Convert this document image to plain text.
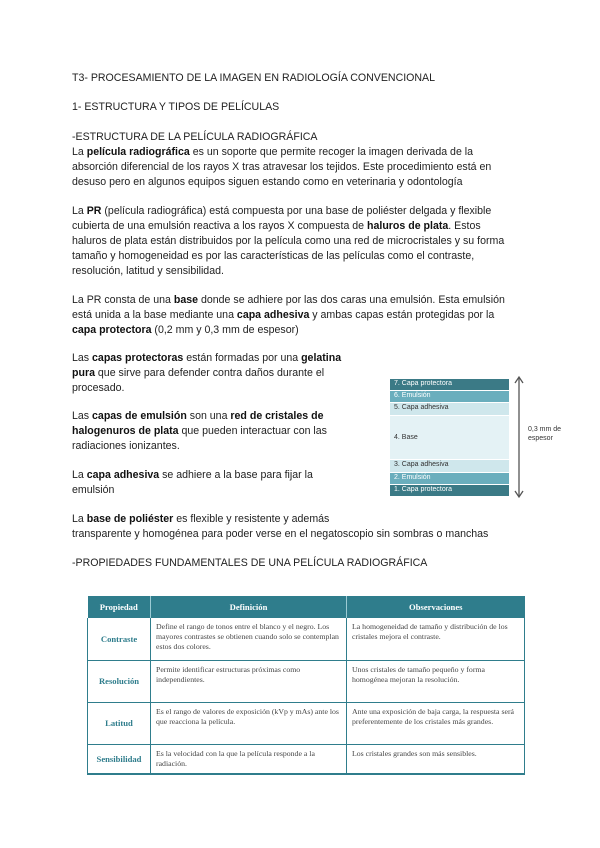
T3- PROCESAMIENTO DE LA IMAGEN EN RADIOLOGÍA CONVENCIONAL
1- ESTRUCTURA Y TIPOS DE PELÍCULAS
-ESTRUCTURA DE LA PELÍCULA RADIOGRÁFICA
La película radiográfica es un soporte que permite recoger la imagen derivada de la
absorción diferencial de los rayos X tras atravesar los tejidos. Este procedimiento está en
desuso pero en algunos equipos siguen estando como en veterinaria y odontología
La PR (película radiográfica) está compuesta por una base de poliéster delgada y flexible
cubierta de una emulsión reactiva a los rayos X compuesta de haluros de plata. Estos
haluros de plata están distribuidos por la película como una red de microcristales y su forma
tamaño y homogeneidad es por las características de las películas como el contraste,
resolución, latitud y sensibilidad.
La PR consta de una base donde se adhiere por las dos caras una emulsión. Esta emulsión
está unida a la base mediante una capa adhesiva y ambas capas están protegidas por la
capa protectora (0,2 mm y 0,3 mm de espesor)
Las capas protectoras están formadas por una gelatina
pura que sirve para defender contra daños durante el
procesado.
Las capas de emulsión son una red de cristales de
halogenuros de plata que pueden interactuar con las
radiaciones ionizantes.
La capa adhesiva se adhiere a la base para fijar la
emulsión
La base de poliéster es flexible y resistente y además
transparente y homogénea para poder verse en el negatoscopio sin sombras o manchas
-PROPIEDADES FUNDAMENTALES DE UNA PELÍCULA RADIOGRÁFICA
7. Capa protectora
6. Emulsión
5. Capa adhesiva
4. Base
3. Capa adhesiva
2. Emulsión
1. Capa protectora
0,3 mm de
espesor
Propiedad	Definición	Observaciones
Contraste	Define el rango de tonos entre el blanco y el negro. Los mayores contrastes se obtienen cuando solo se contemplan estos dos colores.	La homogeneidad de tamaño y distribución de los cristales mejora el contraste.
Resolución	Permite identificar estructuras próximas como independientes.	Unos cristales de tamaño pequeño y forma homogénea mejoran la resolución.
Latitud	Es el rango de valores de exposición (kVp y mAs) ante los que reacciona la película.	Ante una exposición de baja carga, la respuesta será preferentemente de los cristales más grandes.
Sensibilidad	Es la velocidad con la que la película responde a la radiación.	Los cristales grandes son más sensibles.
